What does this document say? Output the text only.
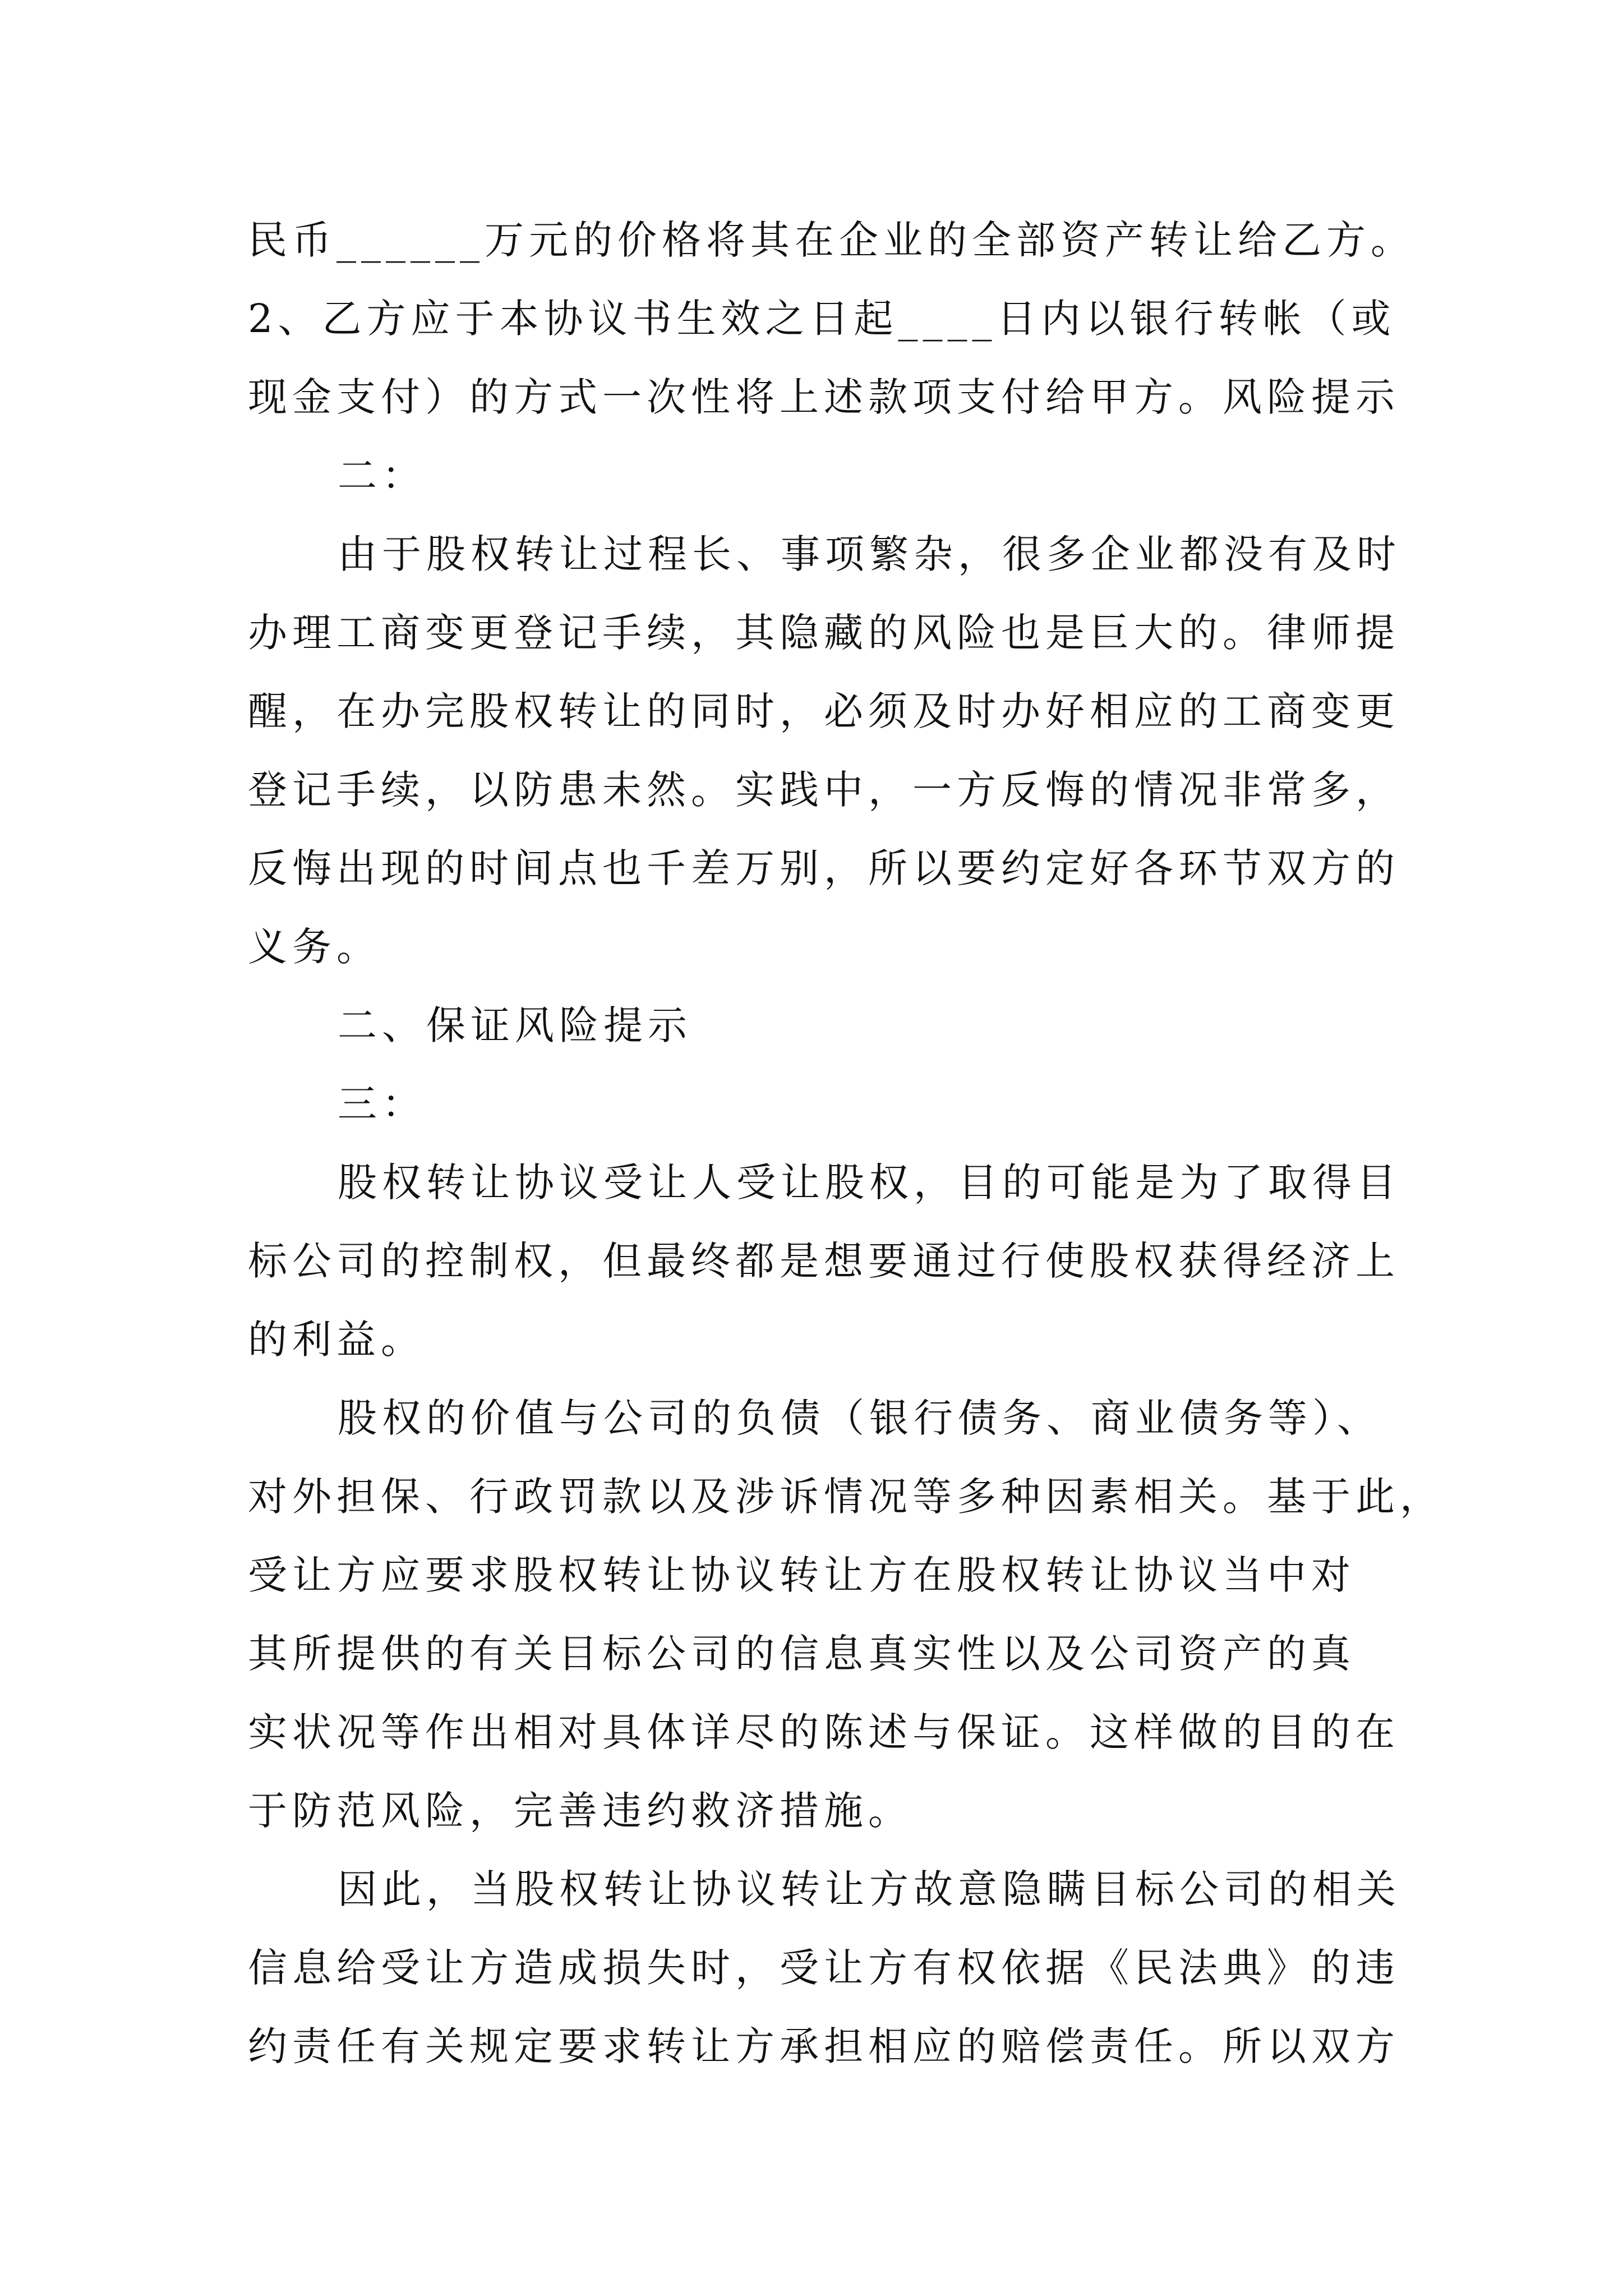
民币______万元的价格将其在企业的全部资产转让给乙方。
2、乙方应于本协议书生效之日起____日内以银行转帐（或
现金支付）的方式一次性将上述款项支付给甲方。风险提示
二：
由于股权转让过程长、事项繁杂，很多企业都没有及时
办理工商变更登记手续，其隐藏的风险也是巨大的。律师提
醒，在办完股权转让的同时，必须及时办好相应的工商变更
登记手续，以防患未然。实践中，一方反悔的情况非常多，
反悔出现的时间点也千差万别，所以要约定好各环节双方的
义务。
二、保证风险提示
三：
股权转让协议受让人受让股权，目的可能是为了取得目
标公司的控制权，但最终都是想要通过行使股权获得经济上
的利益。
股权的价值与公司的负债（银行债务、商业债务等）、
对外担保、行政罚款以及涉诉情况等多种因素相关。基于此，
受让方应要求股权转让协议转让方在股权转让协议当中对
其所提供的有关目标公司的信息真实性以及公司资产的真
实状况等作出相对具体详尽的陈述与保证。这样做的目的在
于防范风险，完善违约救济措施。
因此，当股权转让协议转让方故意隐瞒目标公司的相关
信息给受让方造成损失时，受让方有权依据《民法典》的违
约责任有关规定要求转让方承担相应的赔偿责任。所以双方
